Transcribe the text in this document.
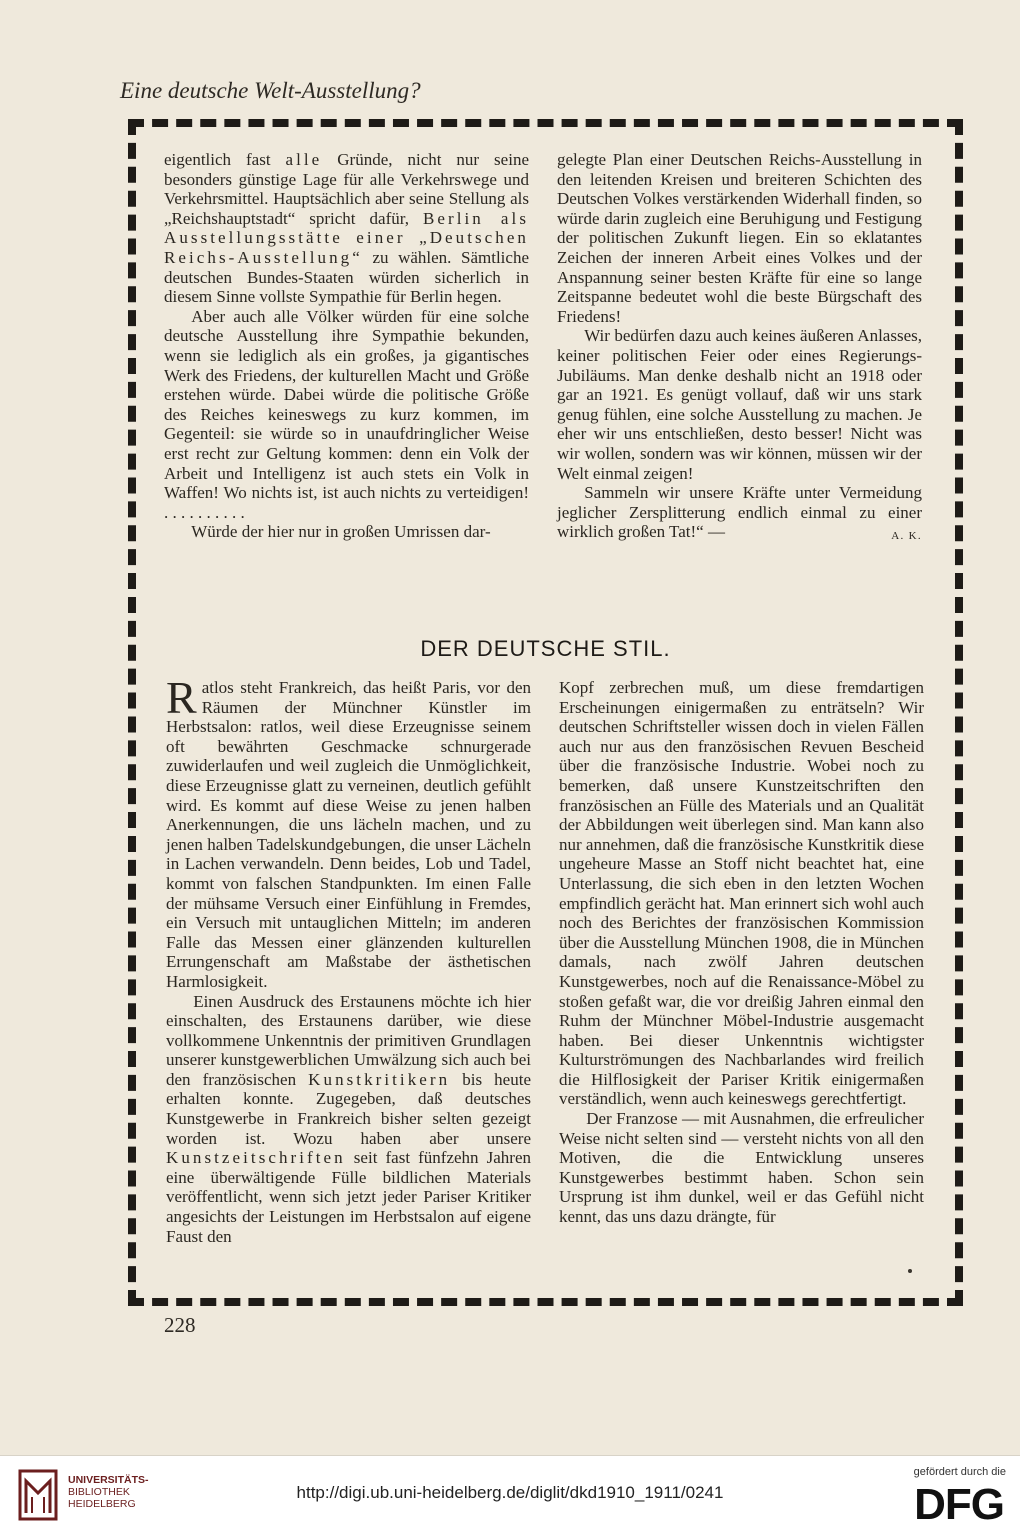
Eine deutsche Welt-Ausstellung?

eigentlich fast alle Gründe, nicht nur seine besonders günstige Lage für alle Verkehrswege und Verkehrsmittel. Hauptsächlich aber seine Stellung als „Reichshauptstadt“ spricht dafür, Berlin als Ausstellungsstätte einer „Deutschen Reichs-Ausstellung“ zu wählen. Sämtliche deutschen Bundes-Staaten würden sicherlich in diesem Sinne vollste Sympathie für Berlin hegen.

Aber auch alle Völker würden für eine solche deutsche Ausstellung ihre Sympathie bekunden, wenn sie lediglich als ein großes, ja gigantisches Werk des Friedens, der kulturellen Macht und Größe erstehen würde. Dabei würde die politische Größe des Reiches keineswegs zu kurz kommen, im Gegenteil: sie würde so in unaufdringlicher Weise erst recht zur Geltung kommen: denn ein Volk der Arbeit und Intelligenz ist auch stets ein Volk in Waffen! Wo nichts ist, ist auch nichts zu verteidigen! . . . . . . . . . .

Würde der hier nur in großen Umrissen dar-

gelegte Plan einer Deutschen Reichs-Ausstellung in den leitenden Kreisen und breiteren Schichten des Deutschen Volkes verstärkenden Widerhall finden, so würde darin zugleich eine Beruhigung und Festigung der politischen Zukunft liegen. Ein so eklatantes Zeichen der inneren Arbeit eines Volkes und der Anspannung seiner besten Kräfte für eine so lange Zeitspanne bedeutet wohl die beste Bürgschaft des Friedens!

Wir bedürfen dazu auch keines äußeren Anlasses, keiner politischen Feier oder eines Regierungs-Jubiläums. Man denke deshalb nicht an 1918 oder gar an 1921. Es genügt vollauf, daß wir uns stark genug fühlen, eine solche Ausstellung zu machen. Je eher wir uns entschließen, desto besser! Nicht was wir wollen, sondern was wir können, müssen wir der Welt einmal zeigen!

Sammeln wir unsere Kräfte unter Vermeidung jeglicher Zersplitterung endlich einmal zu einer wirklich großen Tat!“ —	A. K.

DER DEUTSCHE STIL.

Ratlos steht Frankreich, das heißt Paris, vor den Räumen der Münchner Künstler im Herbstsalon: ratlos, weil diese Erzeugnisse seinem oft bewährten Geschmacke schnurgerade zuwiderlaufen und weil zugleich die Unmöglichkeit, diese Erzeugnisse glatt zu verneinen, deutlich gefühlt wird. Es kommt auf diese Weise zu jenen halben Anerkennungen, die uns lächeln machen, und zu jenen halben Tadelskundgebungen, die unser Lächeln in Lachen verwandeln. Denn beides, Lob und Tadel, kommt von falschen Standpunkten. Im einen Falle der mühsame Versuch einer Einfühlung in Fremdes, ein Versuch mit untauglichen Mitteln; im anderen Falle das Messen einer glänzenden kulturellen Errungenschaft am Maßstabe der ästhetischen Harmlosigkeit.

Einen Ausdruck des Erstaunens möchte ich hier einschalten, des Erstaunens darüber, wie diese vollkommene Unkenntnis der primitiven Grundlagen unserer kunstgewerblichen Umwälzung sich auch bei den französischen Kunstkritikern bis heute erhalten konnte. Zugegeben, daß deutsches Kunstgewerbe in Frankreich bisher selten gezeigt worden ist. Wozu haben aber unsere Kunstzeitschriften seit fast fünfzehn Jahren eine überwältigende Fülle bildlichen Materials veröffentlicht, wenn sich jetzt jeder Pariser Kritiker angesichts der Leistungen im Herbstsalon auf eigene Faust den

Kopf zerbrechen muß, um diese fremdartigen Erscheinungen einigermaßen zu enträtseln? Wir deutschen Schriftsteller wissen doch in vielen Fällen auch nur aus den französischen Revuen Bescheid über die französische Industrie. Wobei noch zu bemerken, daß unsere Kunstzeitschriften den französischen an Fülle des Materials und an Qualität der Abbildungen weit überlegen sind. Man kann also nur annehmen, daß die französische Kunstkritik diese ungeheure Masse an Stoff nicht beachtet hat, eine Unterlassung, die sich eben in den letzten Wochen empfindlich gerächt hat. Man erinnert sich wohl auch noch des Berichtes der französischen Kommission über die Ausstellung München 1908, die in München damals, nach zwölf Jahren deutschen Kunstgewerbes, noch auf die Renaissance-Möbel zu stoßen gefaßt war, die vor dreißig Jahren einmal den Ruhm der Münchner Möbel-Industrie ausgemacht haben. Bei dieser Unkenntnis wichtigster Kulturströmungen des Nachbarlandes wird freilich die Hilflosigkeit der Pariser Kritik einigermaßen verständlich, wenn auch keineswegs gerechtfertigt.

Der Franzose — mit Ausnahmen, die erfreulicher Weise nicht selten sind — versteht nichts von all den Motiven, die die Entwicklung unseres Kunstgewerbes bestimmt haben. Schon sein Ursprung ist ihm dunkel, weil er das Gefühl nicht kennt, das uns dazu drängte, für

228
UNIVERSITÄTS-
BIBLIOTHEK
HEIDELBERG
http://digi.ub.uni-heidelberg.de/diglit/dkd1910_1911/0241
gefördert durch die
DFG
